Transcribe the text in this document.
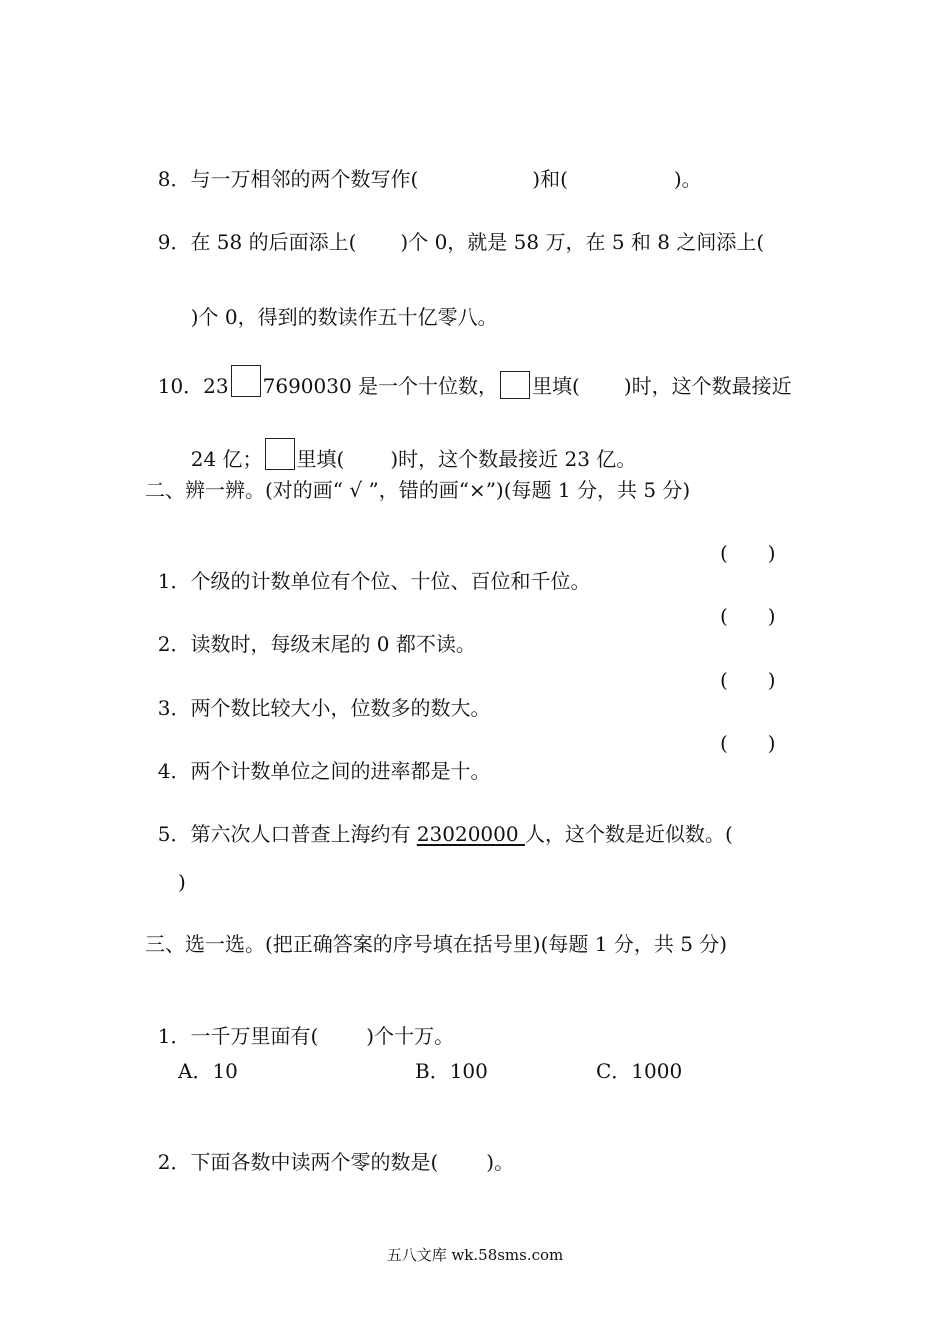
8．与一万相邻的两个数写作(	)和(	)。

9．在 58 的后面添上( )个 0，就是 58 万，在 5 和 8 之间添上(

)个 0，得到的数读作五十亿零八。

10．23 7690030 是一个十位数， 里填( )时，这个数最接近

24 亿； 里填( )时，这个数最接近 23 亿。

二、辨一辨。(对的画“ √ ”，错的画“×”)(每题 1 分，共 5 分)

1．个级的计数单位有个位、十位、百位和千位。

(　　)

2．读数时，每级末尾的 0 都不读。

(　　)

3．两个数比较大小，位数多的数大。

(　　)

4．两个计数单位之间的进率都是十。

(　　)

5．第六次人口普查上海约有 23020000 人，这个数是近似数。(

)
三、选一选。(把正确答案的序号填在括号里)(每题 1 分，共 5 分)

1．一千万里面有( )个十万。

A．10	B．100	C．1000

2．下面各数中读两个零的数是( )。

五八文库 wk.58sms.com
